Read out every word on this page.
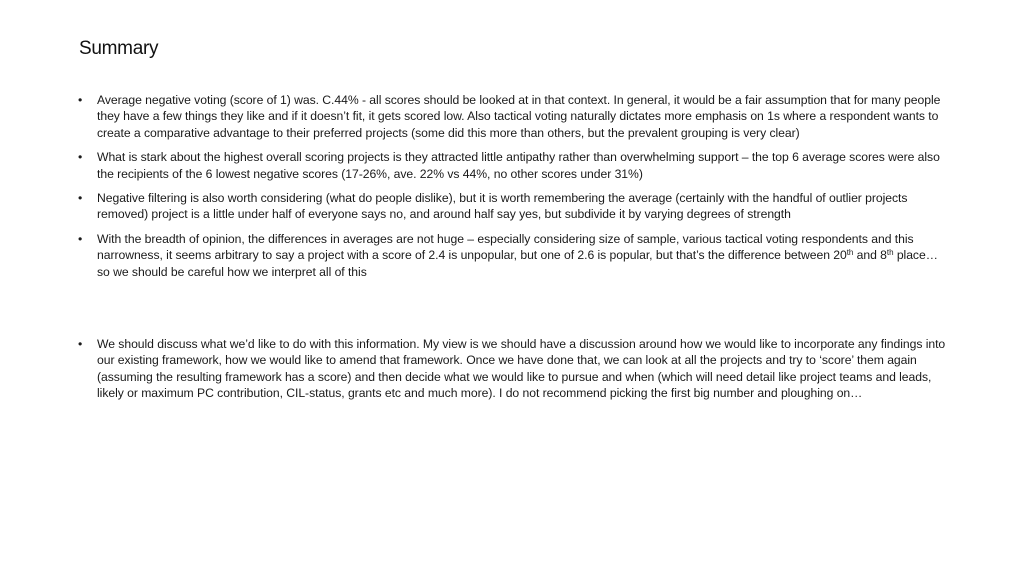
Summary
•	Average negative voting (score of 1) was. C.44% - all scores should be looked at in that context. In general, it would be a fair assumption that for many people they have a few things they like and if it doesn’t fit, it gets scored low. Also tactical voting naturally dictates more emphasis on 1s where a respondent wants to create a comparative advantage to their preferred projects (some did this more than others, but the prevalent grouping is very clear)
•	What is stark about the highest overall scoring projects is they attracted little antipathy rather than overwhelming support – the top 6 average scores were also the recipients of the 6 lowest negative scores (17-26%, ave. 22% vs 44%, no other scores under 31%)
•	Negative filtering is also worth considering (what do people dislike), but it is worth remembering the average (certainly with the handful of outlier projects removed) project is a little under half of everyone says no, and around half say yes, but subdivide it by varying degrees of strength
•	With the breadth of opinion, the differences in averages are not huge – especially considering size of sample, various tactical voting respondents and this narrowness, it seems arbitrary to say a project with a score of 2.4 is unpopular, but one of 2.6 is popular, but that’s the difference between 20th and 8th place… so we should be careful how we interpret all of this
•	We should discuss what we’d like to do with this information. My view is we should have a discussion around how we would like to incorporate any findings into our existing framework, how we would like to amend that framework. Once we have done that, we can look at all the projects and try to ‘score’ them again (assuming the resulting framework has a score) and then decide what we would like to pursue and when (which will need detail like project teams and leads, likely or maximum PC contribution, CIL-status, grants etc and much more). I do not recommend picking the first big number and ploughing on…
